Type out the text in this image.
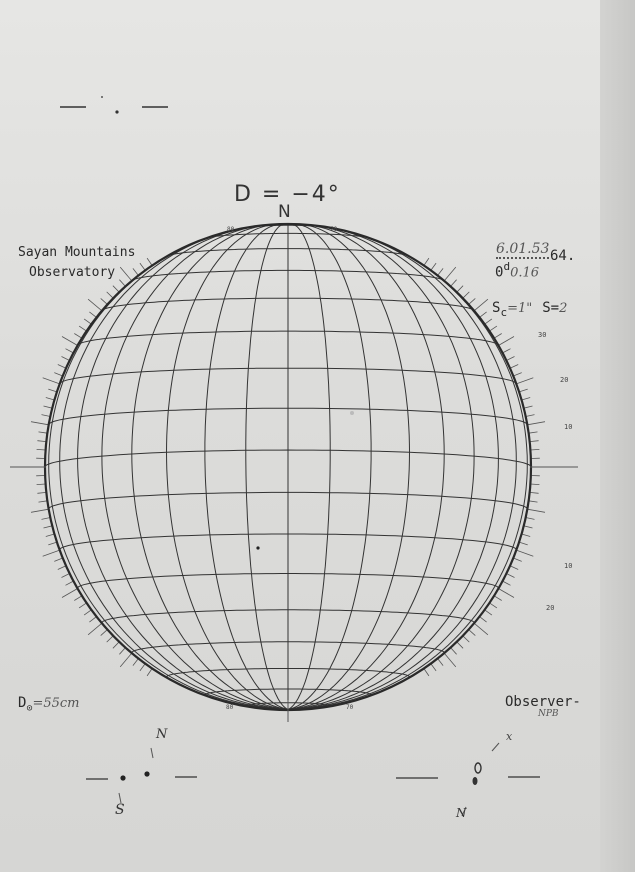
D = −4°
N
Sayan Mountains
Observatory
6.01.53 64.
0$^d$0.16
$S_c=1$" S=2
$D_⊙=55cm$	Observer-
NPB
N
S	N
x
30
20
10
10
20
80	70
80	70
